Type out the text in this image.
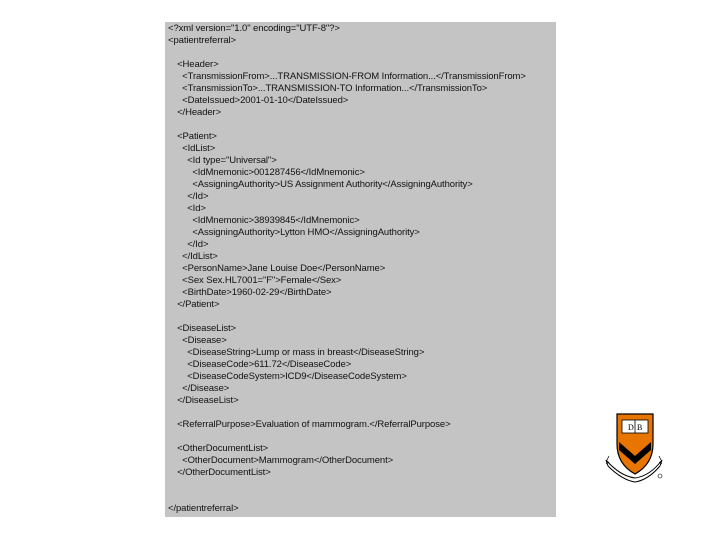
<?xml version="1.0" encoding="UTF-8"?>
<patientreferral>
<Header>
<TransmissionFrom>...TRANSMISSION-FROM Information...</TransmissionFrom>
<TransmissionTo>...TRANSMISSION-TO Information...</TransmissionTo>
<DateIssued>2001-01-10</DateIssued>
</Header>
<Patient>
<IdList>
<Id type="Universal">
<IdMnemonic>001287456</IdMnemonic>
<AssigningAuthority>US Assignment Authority</AssigningAuthority>
</Id>
<Id>
<IdMnemonic>38939845</IdMnemonic>
<AssigningAuthority>Lytton HMO</AssigningAuthority>
</Id>
</IdList>
<PersonName>Jane Louise Doe</PersonName>
<Sex Sex.HL7001="F">Female</Sex>
<BirthDate>1960-02-29</BirthDate>
</Patient>
<DiseaseList>
<Disease>
<DiseaseString>Lump or mass in breast</DiseaseString>
<DiseaseCode>611.72</DiseaseCode>
<DiseaseCodeSystem>ICD9</DiseaseCodeSystem>
</Disease>
</DiseaseList>
<ReferralPurpose>Evaluation of mammogram.</ReferralPurpose>
<OtherDocumentList>
<OtherDocument>Mammogram</OtherDocument>
</OtherDocumentList>
</patientreferral>
D B
